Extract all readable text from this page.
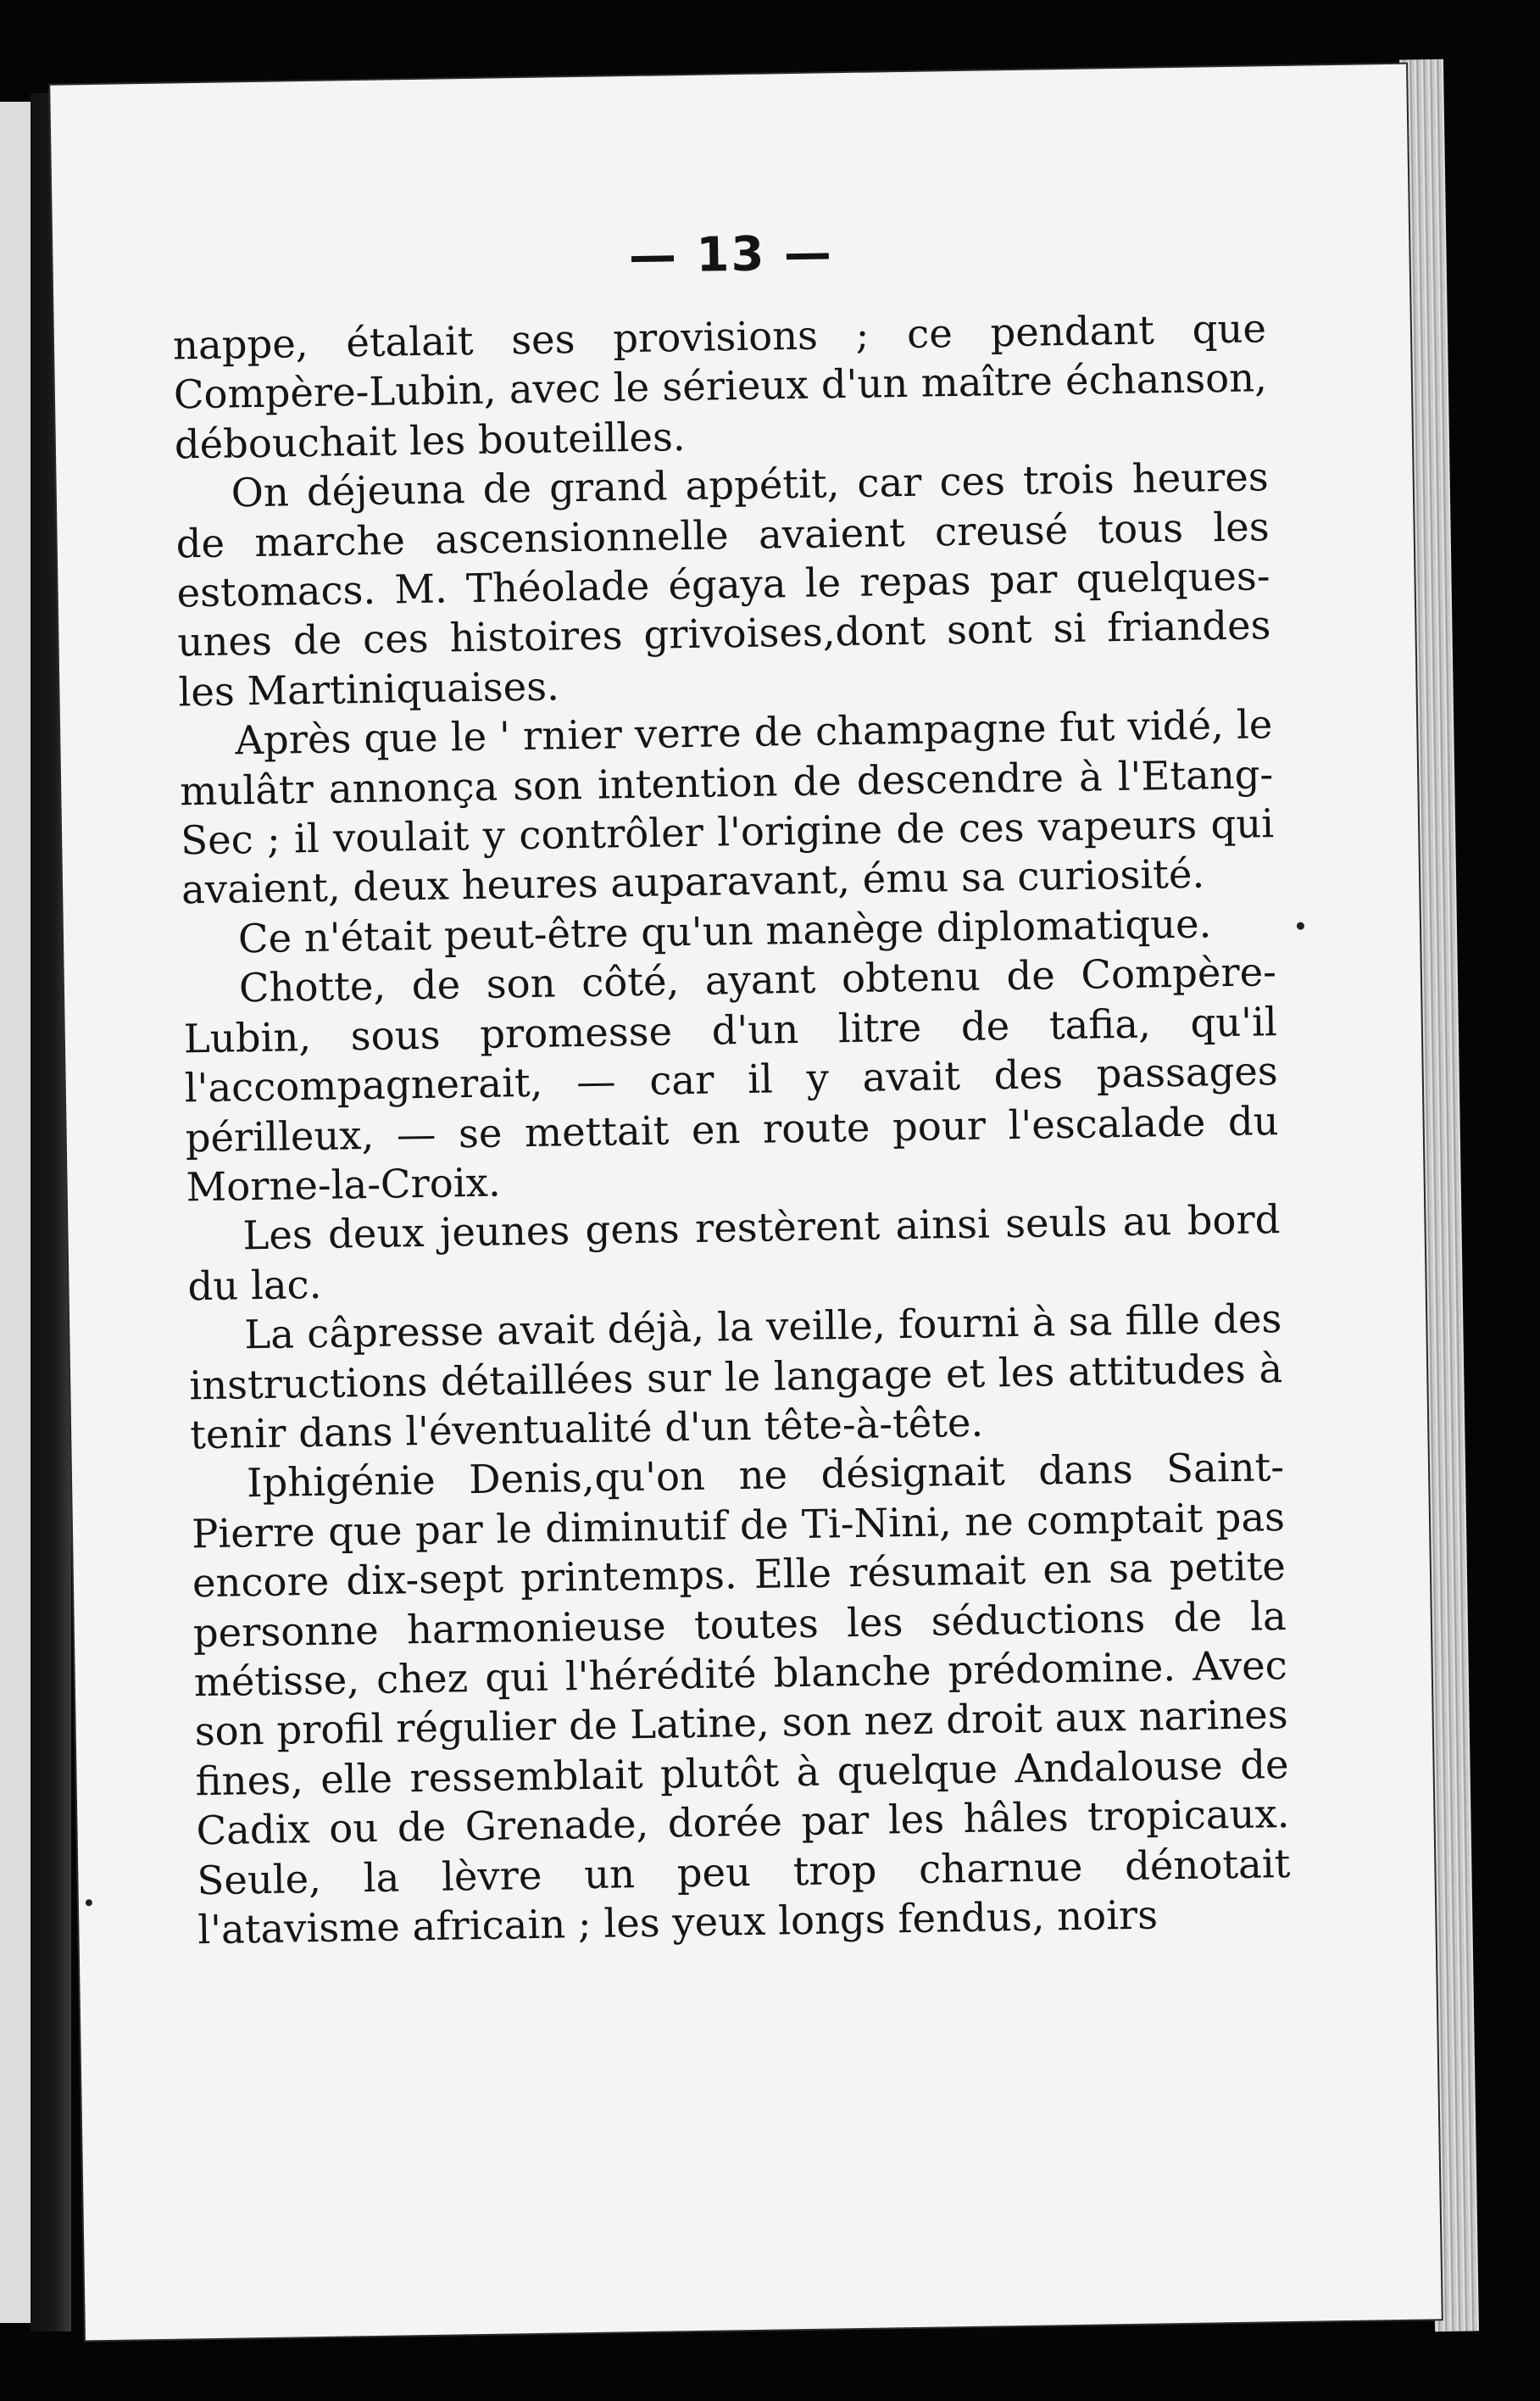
— 13 —

nappe, étalait ses provisions ; ce pendant que Compère-Lubin, avec le sérieux d'un maître échanson, débouchait les bouteilles.

On déjeuna de grand appétit, car ces trois heures de marche ascensionnelle avaient creusé tous les estomacs. M. Théolade égaya le repas par quelques-unes de ces histoires grivoises,dont sont si friandes les Martiniquaises.

Après que le ' rnier verre de champagne fut vidé, le mulâtr annonça son intention de descendre à l'Etang-Sec ; il voulait y contrôler l'origine de ces vapeurs qui avaient, deux heures auparavant, ému sa curiosité.

Ce n'était peut-être qu'un manège diplomatique.

Chotte, de son côté, ayant obtenu de Compère-Lubin, sous promesse d'un litre de tafia, qu'il l'accompagnerait, — car il y avait des passages périlleux, — se mettait en route pour l'escalade du Morne-la-Croix.

Les deux jeunes gens restèrent ainsi seuls au bord du lac.

La câpresse avait déjà, la veille, fourni à sa fille des instructions détaillées sur le langage et les attitudes à tenir dans l'éventualité d'un tête-à-tête.

Iphigénie Denis,qu'on ne désignait dans Saint-Pierre que par le diminutif de Ti-Nini, ne comptait pas encore dix-sept printemps. Elle résumait en sa petite personne harmonieuse toutes les séductions de la métisse, chez qui l'hérédité blanche prédomine. Avec son profil régulier de Latine, son nez droit aux narines fines, elle ressemblait plutôt à quelque Andalouse de Cadix ou de Grenade, dorée par les hâles tropicaux. Seule, la lèvre un peu trop charnue dénotait l'atavisme africain ; les yeux longs fendus, noirs
